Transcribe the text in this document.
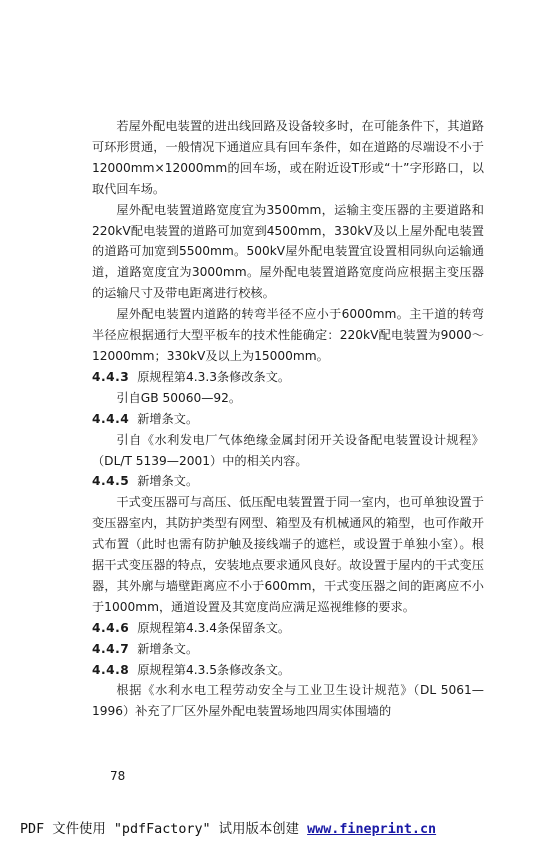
若屋外配电装置的进出线回路及设备较多时，在可能条件下，其道路可环形贯通，一般情况下通道应具有回车条件，如在道路的尽端设不小于12000mm×12000mm的回车场，或在附近设T形或“十”字形路口，以取代回车场。

屋外配电装置道路宽度宜为3500mm，运输主变压器的主要道路和220kV配电装置的道路可加宽到4500mm，330kV及以上屋外配电装置的道路可加宽到5500mm。500kV屋外配电装置宜设置相同纵向运输通道，道路宽度宜为3000mm。屋外配电装置道路宽度尚应根据主变压器的运输尺寸及带电距离进行校核。

屋外配电装置内道路的转弯半径不应小于6000mm。主干道的转弯半径应根据通行大型平板车的技术性能确定：220kV配电装置为9000～12000mm；330kV及以上为15000mm。

4.4.3 原规程第4.3.3条修改条文。

引自GB 50060—92。

4.4.4 新增条文。

引自《水利发电厂气体绝缘金属封闭开关设备配电装置设计规程》（DL/T 5139—2001）中的相关内容。

4.4.5 新增条文。

干式变压器可与高压、低压配电装置置于同一室内，也可单独设置于变压器室内，其防护类型有网型、箱型及有机械通风的箱型，也可作敞开式布置（此时也需有防护触及接线端子的遮栏，或设置于单独小室）。根据干式变压器的特点，安装地点要求通风良好。故设置于屋内的干式变压器，其外廓与墙壁距离应不小于600mm，干式变压器之间的距离应不小于1000mm，通道设置及其宽度尚应满足巡视维修的要求。

4.4.6 原规程第4.3.4条保留条文。

4.4.7 新增条文。

4.4.8 原规程第4.3.5条修改条文。

根据《水利水电工程劳动安全与工业卫生设计规范》（DL 5061—1996）补充了厂区外屋外配电装置场地四周实体围墙的

78
PDF 文件使用 "pdfFactory" 试用版本创建 www.fineprint.cn
